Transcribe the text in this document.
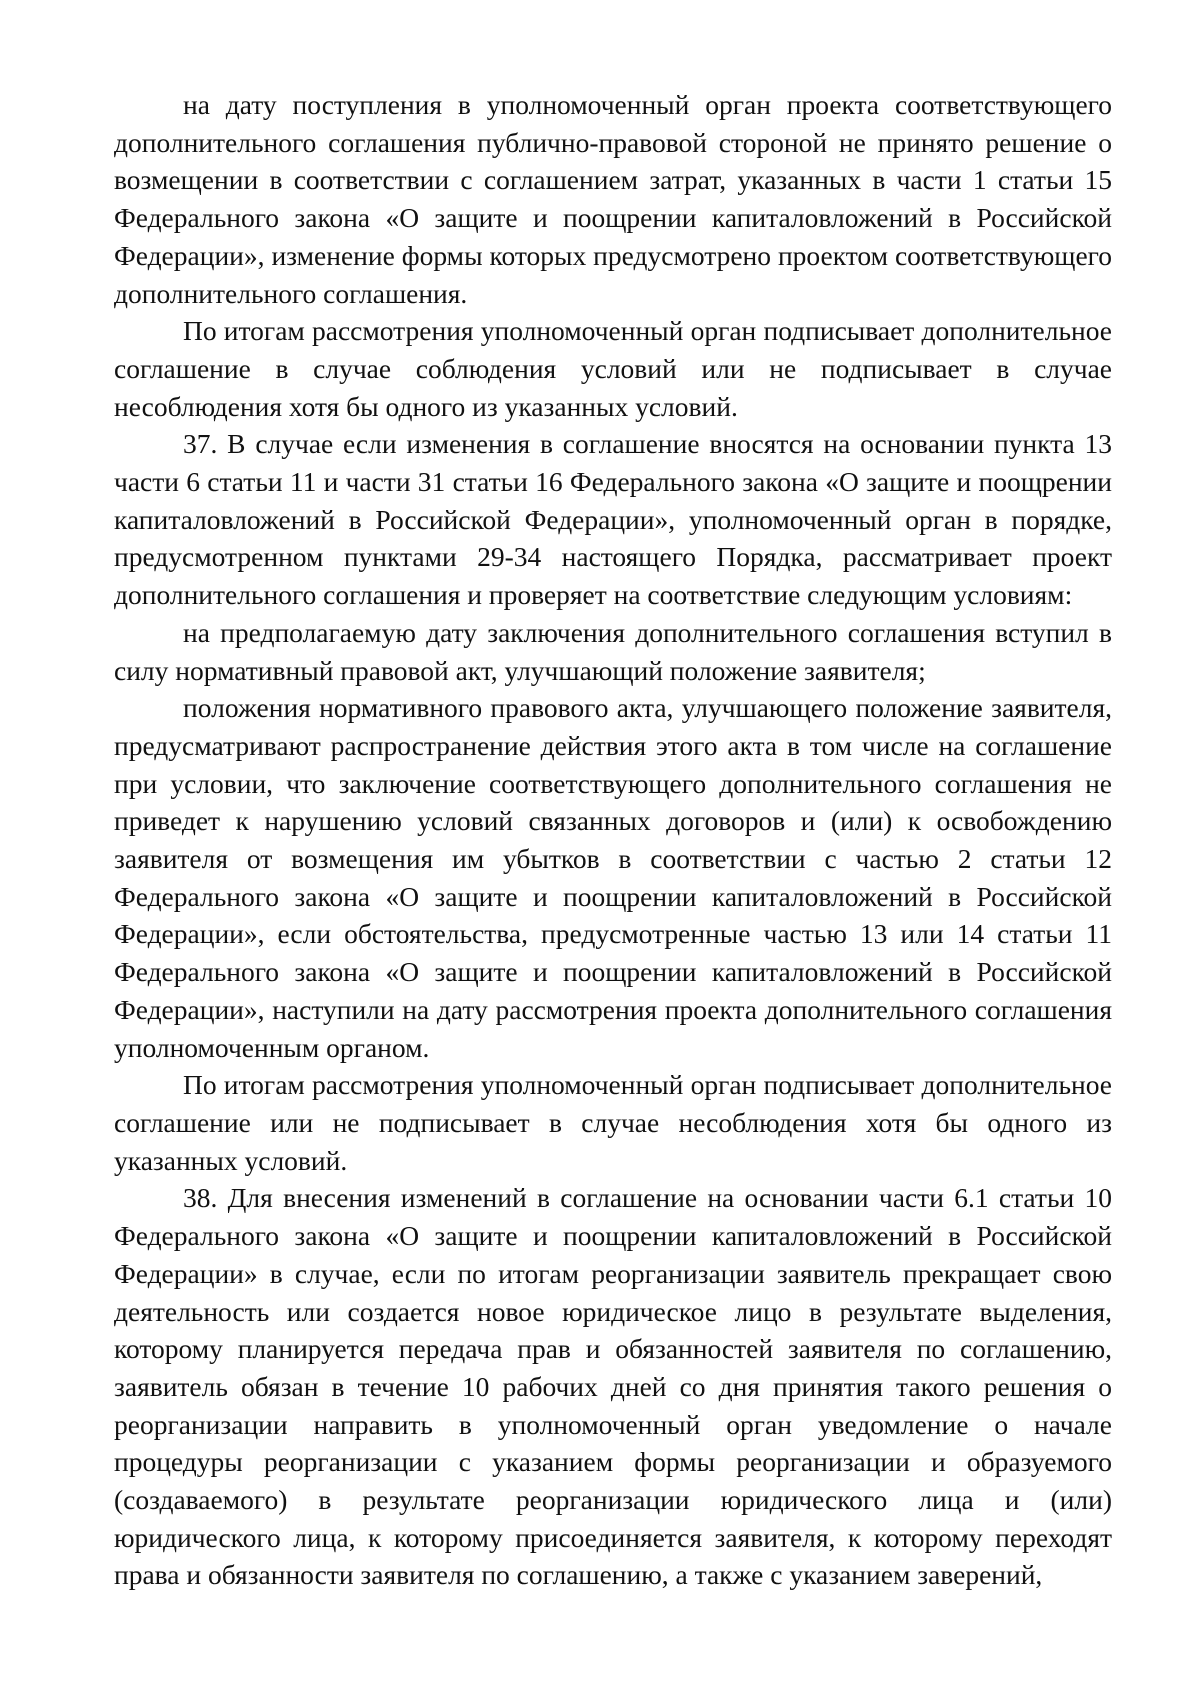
на дату поступления в уполномоченный орган проекта соответствующего дополнительного соглашения публично-правовой стороной не принято решение о возмещении в соответствии с соглашением затрат, указанных в части 1 статьи 15 Федерального закона «О защите и поощрении капиталовложений в Российской Федерации», изменение формы которых предусмотрено проектом соответствующего дополнительного соглашения.

По итогам рассмотрения уполномоченный орган подписывает дополнительное соглашение в случае соблюдения условий или не подписывает в случае несоблюдения хотя бы одного из указанных условий.

37. В случае если изменения в соглашение вносятся на основании пункта 13 части 6 статьи 11 и части 31 статьи 16 Федерального закона «О защите и поощрении капиталовложений в Российской Федерации», уполномоченный орган в порядке, предусмотренном пунктами 29-34 настоящего Порядка, рассматривает проект дополнительного соглашения и проверяет на соответствие следующим условиям:

на предполагаемую дату заключения дополнительного соглашения вступил в силу нормативный правовой акт, улучшающий положение заявителя;

положения нормативного правового акта, улучшающего положение заявителя, предусматривают распространение действия этого акта в том числе на соглашение при условии, что заключение соответствующего дополнительного соглашения не приведет к нарушению условий связанных договоров и (или) к освобождению заявителя от возмещения им убытков в соответствии с частью 2 статьи 12 Федерального закона «О защите и поощрении капиталовложений в Российской Федерации», если обстоятельства, предусмотренные частью 13 или 14 статьи 11 Федерального закона «О защите и поощрении капиталовложений в Российской Федерации», наступили на дату рассмотрения проекта дополнительного соглашения уполномоченным органом.

По итогам рассмотрения уполномоченный орган подписывает дополнительное соглашение или не подписывает в случае несоблюдения хотя бы одного из указанных условий.

38. Для внесения изменений в соглашение на основании части 6.1 статьи 10 Федерального закона «О защите и поощрении капиталовложений в Российской Федерации» в случае, если по итогам реорганизации заявитель прекращает свою деятельность или создается новое юридическое лицо в результате выделения, которому планируется передача прав и обязанностей заявителя по соглашению, заявитель обязан в течение 10 рабочих дней со дня принятия такого решения о реорганизации направить в уполномоченный орган уведомление о начале процедуры реорганизации с указанием формы реорганизации и образуемого (создаваемого) в результате реорганизации юридического лица и (или) юридического лица, к которому присоединяется заявителя, к которому переходят права и обязанности заявителя по соглашению, а также с указанием заверений,
